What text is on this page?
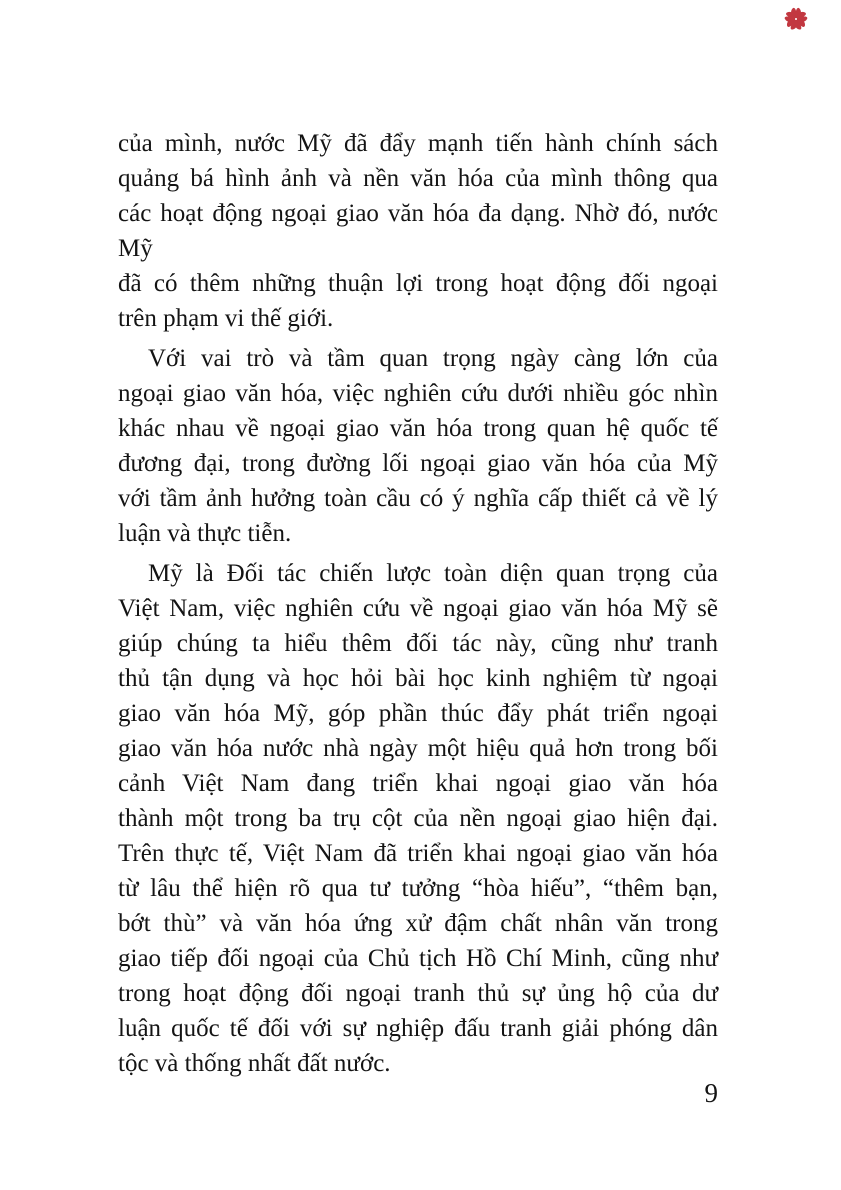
của mình, nước Mỹ đã đẩy mạnh tiến hành chính sách
quảng bá hình ảnh và nền văn hóa của mình thông qua
các hoạt động ngoại giao văn hóa đa dạng. Nhờ đó, nước Mỹ
đã có thêm những thuận lợi trong hoạt động đối ngoại
trên phạm vi thế giới.
Với vai trò và tầm quan trọng ngày càng lớn của
ngoại giao văn hóa, việc nghiên cứu dưới nhiều góc nhìn
khác nhau về ngoại giao văn hóa trong quan hệ quốc tế
đương đại, trong đường lối ngoại giao văn hóa của Mỹ
với tầm ảnh hưởng toàn cầu có ý nghĩa cấp thiết cả về lý
luận và thực tiễn.
Mỹ là Đối tác chiến lược toàn diện quan trọng của
Việt Nam, việc nghiên cứu về ngoại giao văn hóa Mỹ sẽ
giúp chúng ta hiểu thêm đối tác này, cũng như tranh
thủ tận dụng và học hỏi bài học kinh nghiệm từ ngoại
giao văn hóa Mỹ, góp phần thúc đẩy phát triển ngoại
giao văn hóa nước nhà ngày một hiệu quả hơn trong bối
cảnh Việt Nam đang triển khai ngoại giao văn hóa
thành một trong ba trụ cột của nền ngoại giao hiện đại.
Trên thực tế, Việt Nam đã triển khai ngoại giao văn hóa
từ lâu thể hiện rõ qua tư tưởng “hòa hiếu”, “thêm bạn,
bớt thù” và văn hóa ứng xử đậm chất nhân văn trong
giao tiếp đối ngoại của Chủ tịch Hồ Chí Minh, cũng như
trong hoạt động đối ngoại tranh thủ sự ủng hộ của dư
luận quốc tế đối với sự nghiệp đấu tranh giải phóng dân
tộc và thống nhất đất nước.
9
